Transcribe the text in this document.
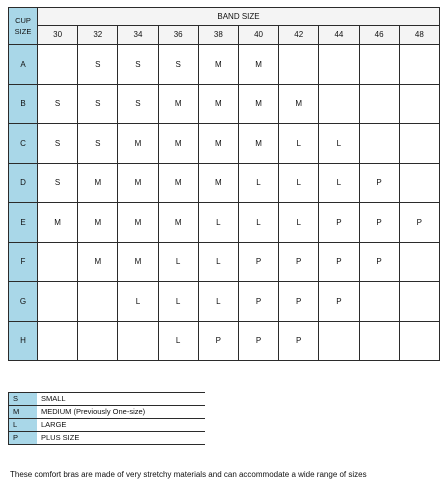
CUP
SIZE	BAND SIZE									
	30	32	34	36	38	40	42	44	46	48
A		S	S	S	M	M				
B	S	S	S	M	M	M	M			
C	S	S	M	M	M	M	L	L		
D	S	M	M	M	M	L	L	L	P	
E	M	M	M	M	L	L	L	P	P	P
F		M	M	L	L	P	P	P	P	
G			L	L	L	P	P	P		
H				L	P	P	P			
S	SMALL
M	MEDIUM (Previously One-size)
L	LARGE
P	PLUS SIZE
These comfort bras are made of very stretchy materials and can accommodate a wide range of sizes
